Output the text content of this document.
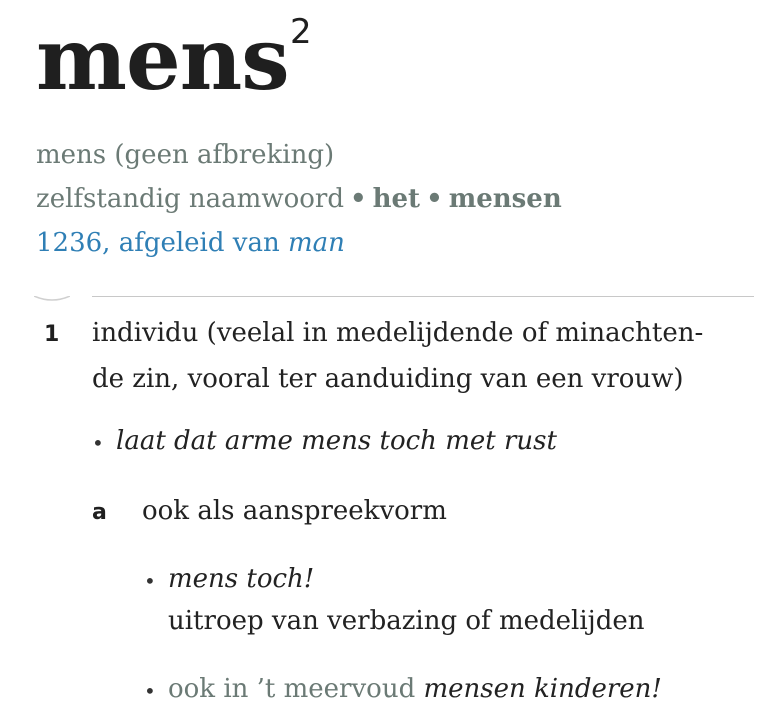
mens 2
mens (geen afbreking)
zelfstandig naamwoord • het • mensen
1236, afgeleid van man
1 individu (veelal in medelijdende of minachten-
de zin, vooral ter aanduiding van een vrouw)
• laat dat arme mens toch met rust
a ook als aanspreekvorm
• mens toch!
uitroep van verbazing of medelijden
• ook in ’t meervoud mensen kinderen!
